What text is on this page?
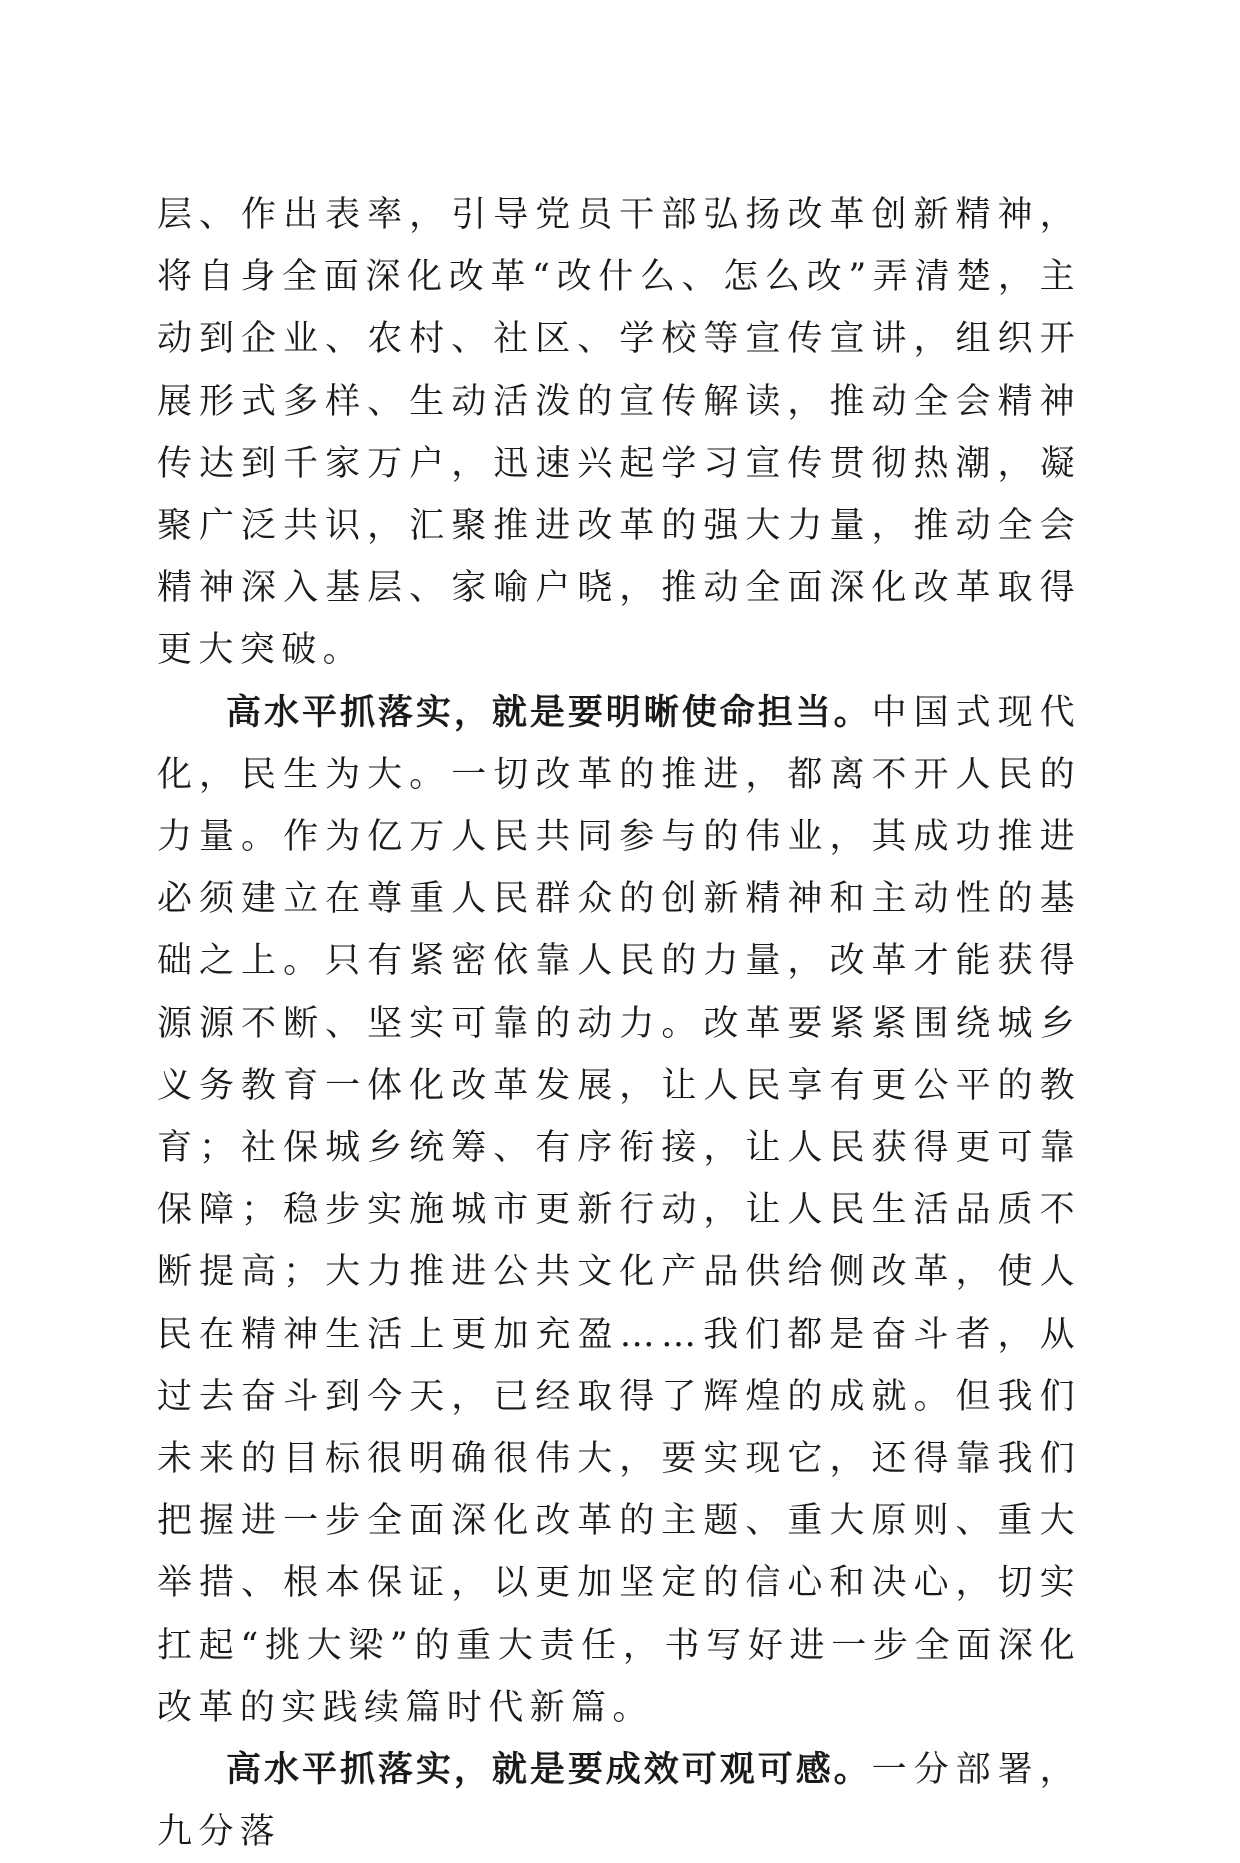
层、作出表率，引导党员干部弘扬改革创新精神，将自身全面深化改革“改什么、怎么改”弄清楚，主动到企业、农村、社区、学校等宣传宣讲，组织开展形式多样、生动活泼的宣传解读，推动全会精神传达到千家万户，迅速兴起学习宣传贯彻热潮，凝聚广泛共识，汇聚推进改革的强大力量，推动全会精神深入基层、家喻户晓，推动全面深化改革取得更大突破。

高水平抓落实，就是要明晰使命担当。中国式现代化，民生为大。一切改革的推进，都离不开人民的力量。作为亿万人民共同参与的伟业，其成功推进必须建立在尊重人民群众的创新精神和主动性的基础之上。只有紧密依靠人民的力量，改革才能获得源源不断、坚实可靠的动力。改革要紧紧围绕城乡义务教育一体化改革发展，让人民享有更公平的教育；社保城乡统筹、有序衔接，让人民获得更可靠保障；稳步实施城市更新行动，让人民生活品质不断提高；大力推进公共文化产品供给侧改革，使人民在精神生活上更加充盈……我们都是奋斗者，从过去奋斗到今天，已经取得了辉煌的成就。但我们未来的目标很明确很伟大，要实现它，还得靠我们把握进一步全面深化改革的主题、重大原则、重大举措、根本保证，以更加坚定的信心和决心，切实扛起“挑大梁”的重大责任，书写好进一步全面深化改革的实践续篇时代新篇。

高水平抓落实，就是要成效可观可感。一分部署，九分落
